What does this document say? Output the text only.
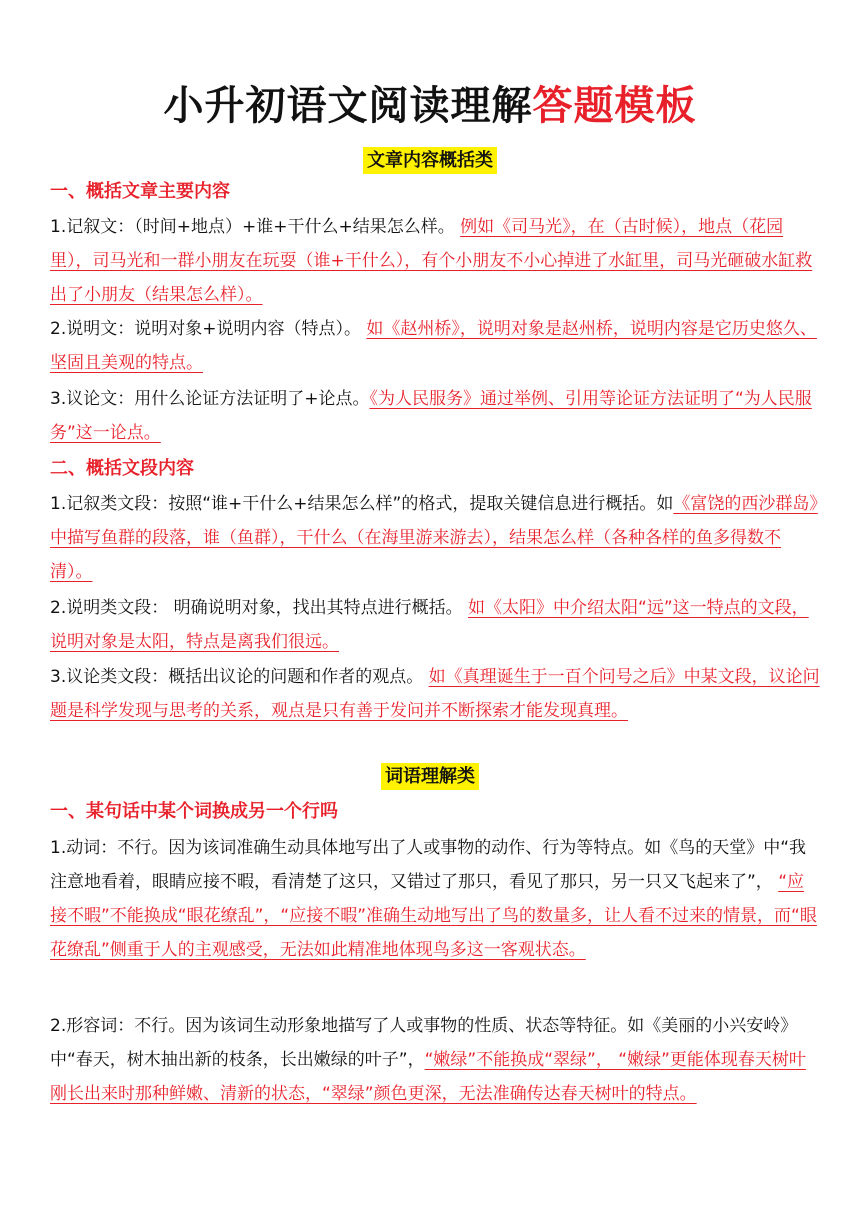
小升初语文阅读理解答题模板
文章内容概括类
一、概括文章主要内容
1.记叙文：（时间+地点）+谁+干什么+结果怎么样。 例如《司马光》，在（古时候），地点（花园里），司马光和一群小朋友在玩耍（谁+干什么），有个小朋友不小心掉进了水缸里，司马光砸破水缸救出了小朋友（结果怎么样）。
2.说明文：说明对象+说明内容（特点）。 如《赵州桥》，说明对象是赵州桥，说明内容是它历史悠久、坚固且美观的特点。
3.议论文：用什么论证方法证明了+论点。《为人民服务》通过举例、引用等论证方法证明了“为人民服务”这一论点。
二、概括文段内容
1.记叙类文段：按照“谁+干什么+结果怎么样”的格式，提取关键信息进行概括。如《富饶的西沙群岛》中描写鱼群的段落，谁（鱼群），干什么（在海里游来游去），结果怎么样（各种各样的鱼多得数不清）。
2.说明类文段： 明确说明对象，找出其特点进行概括。 如《太阳》中介绍太阳“远”这一特点的文段，说明对象是太阳，特点是离我们很远。
3.议论类文段：概括出议论的问题和作者的观点。 如《真理诞生于一百个问号之后》中某文段，议论问题是科学发现与思考的关系，观点是只有善于发问并不断探索才能发现真理。
词语理解类
一、某句话中某个词换成另一个行吗
1.动词：不行。因为该词准确生动具体地写出了人或事物的动作、行为等特点。如《鸟的天堂》中“我注意地看着，眼睛应接不暇，看清楚了这只，又错过了那只，看见了那只，另一只又飞起来了”， “应接不暇”不能换成“眼花缭乱”，“应接不暇”准确生动地写出了鸟的数量多，让人看不过来的情景，而“眼花缭乱”侧重于人的主观感受，无法如此精准地体现鸟多这一客观状态。
2.形容词：不行。因为该词生动形象地描写了人或事物的性质、状态等特征。如《美丽的小兴安岭》中“春天，树木抽出新的枝条，长出嫩绿的叶子”，“嫩绿”不能换成“翠绿”， “嫩绿”更能体现春天树叶刚长出来时那种鲜嫩、清新的状态，“翠绿”颜色更深，无法准确传达春天树叶的特点。
